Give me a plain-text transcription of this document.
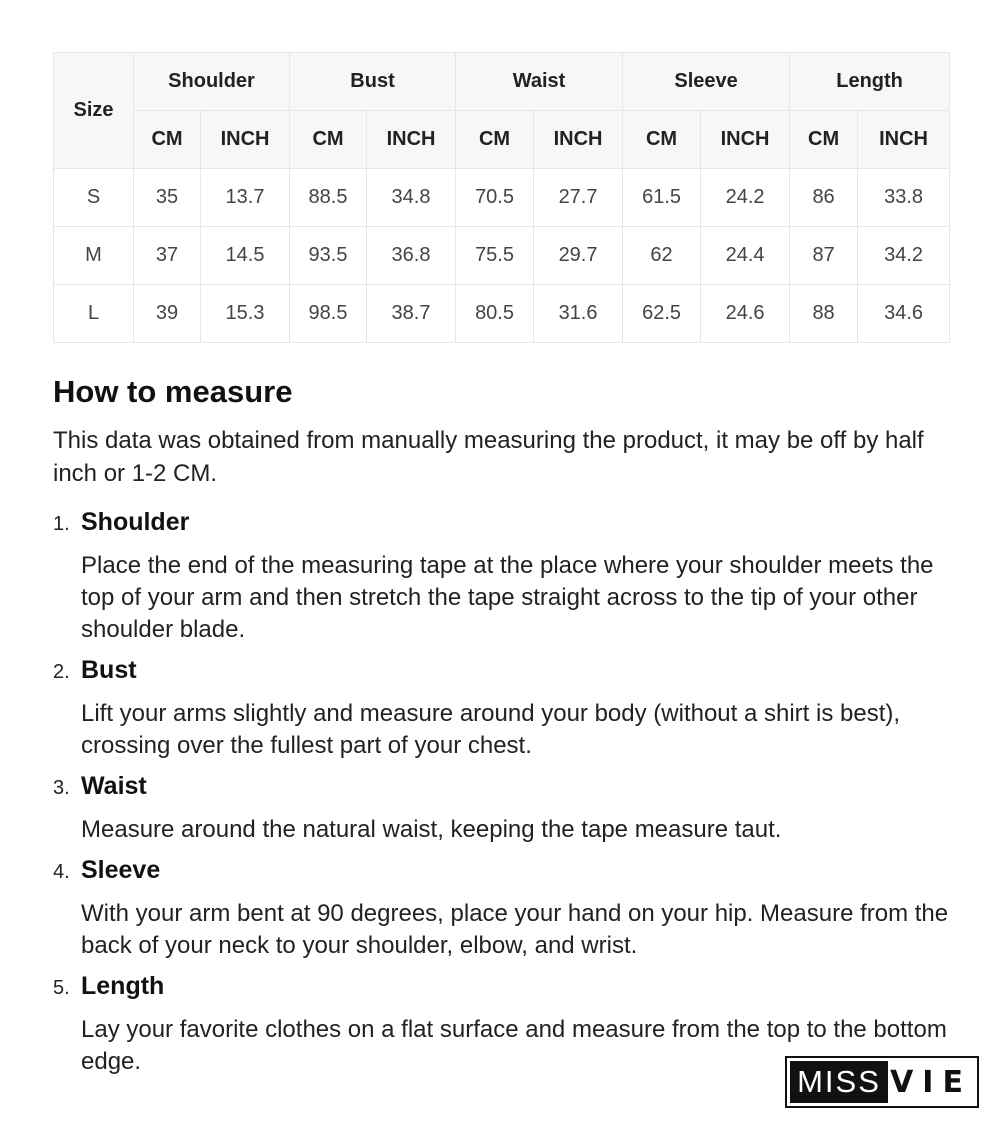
Size	Shoulder		Bust		Waist		Sleeve		Length	
	CM	INCH	CM	INCH	CM	INCH	CM	INCH	CM	INCH
S	35	13.7	88.5	34.8	70.5	27.7	61.5	24.2	86	33.8
M	37	14.5	93.5	36.8	75.5	29.7	62	24.4	87	34.2
L	39	15.3	98.5	38.7	80.5	31.6	62.5	24.6	88	34.6
How to measure

This data was obtained from manually measuring the product, it may be off by half inch or 1-2 CM.

1. Shoulder

Place the end of the measuring tape at the place where your shoulder meets the top of your arm and then stretch the tape straight across to the tip of your other shoulder blade.

2. Bust

Lift your arms slightly and measure around your body (without a shirt is best), crossing over the fullest part of your chest.

3. Waist

Measure around the natural waist, keeping the tape measure taut.

4. Sleeve

With your arm bent at 90 degrees, place your hand on your hip. Measure from the back of your neck to your shoulder, elbow, and wrist.

5. Length

Lay your favorite clothes on a flat surface and measure from the top to the bottom edge.

MISS VIE
